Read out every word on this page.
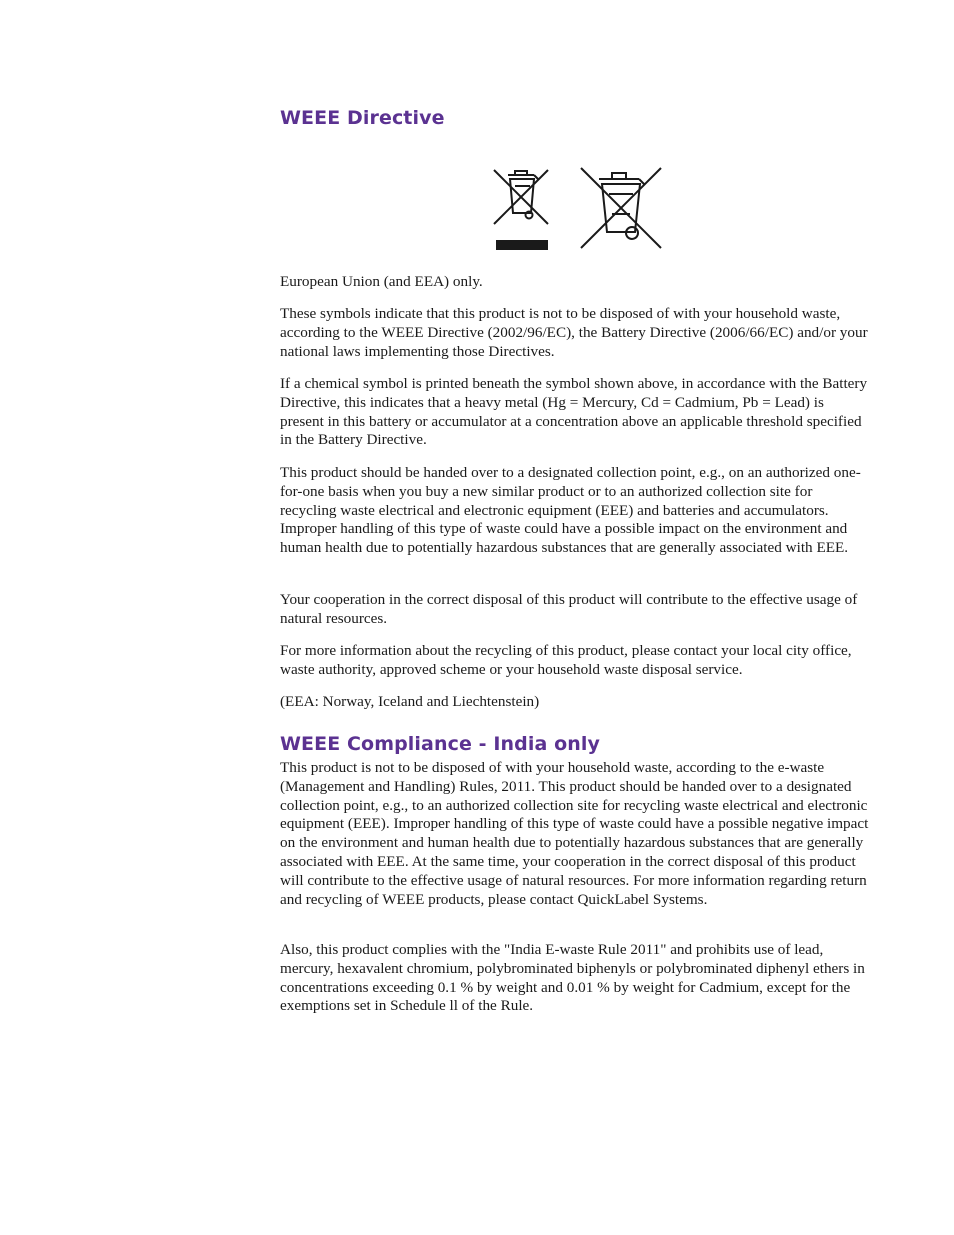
WEEE Directive

European Union (and EEA) only.

These symbols indicate that this product is not to be disposed of with your household waste, according to the WEEE Directive (2002/96/EC), the Battery Directive (2006/66/EC) and/or your national laws implementing those Directives.

If a chemical symbol is printed beneath the symbol shown above, in accordance with the Battery Directive, this indicates that a heavy metal (Hg = Mercury, Cd = Cadmium, Pb = Lead) is present in this battery or accumulator at a concentration above an applicable threshold specified in the Battery Directive.

This product should be handed over to a designated collection point, e.g., on an authorized one-for-one basis when you buy a new similar product or to an authorized collection site for recycling waste electrical and electronic equipment (EEE) and batteries and accumulators. Improper handling of this type of waste could have a possible impact on the environment and human health due to potentially hazardous substances that are generally associated with EEE.

Your cooperation in the correct disposal of this product will contribute to the effective usage of natural resources.

For more information about the recycling of this product, please contact your local city office, waste authority, approved scheme or your household waste disposal service.

(EEA: Norway, Iceland and Liechtenstein)

WEEE Compliance - India only

This product is not to be disposed of with your household waste, according to the e-waste (Management and Handling) Rules, 2011. This product should be handed over to a designated collection point, e.g., to an authorized collection site for recycling waste electrical and electronic equipment (EEE). Improper handling of this type of waste could have a possible negative impact on the environment and human health due to potentially hazardous substances that are generally associated with EEE. At the same time, your cooperation in the correct disposal of this product will contribute to the effective usage of natural resources. For more information regarding return and recycling of WEEE products, please contact QuickLabel Systems.

Also, this product complies with the "India E-waste Rule 2011" and prohibits use of lead, mercury, hexavalent chromium, polybrominated biphenyls or polybrominated diphenyl ethers in concentrations exceeding 0.1 % by weight and 0.01 % by weight for Cadmium, except for the exemptions set in Schedule ll of the Rule.
